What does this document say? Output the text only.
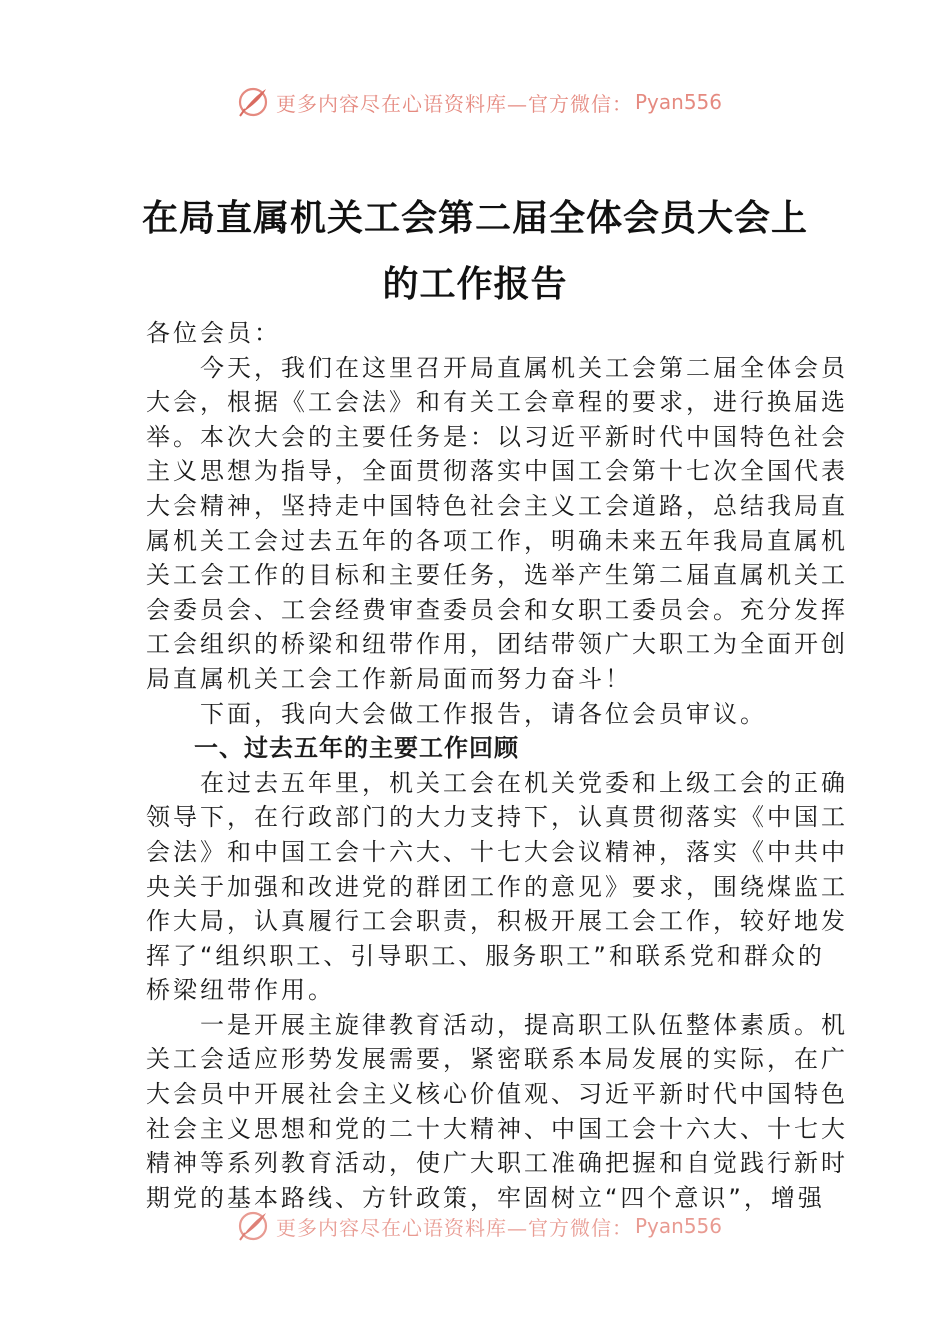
更多内容尽在心语资料库—官方微信： Pyan556
在局直属机关工会第二届全体会员大会上
的工作报告
各位会员：
今天，我们在这里召开局直属机关工会第二届全体会员
大会，根据《工会法》和有关工会章程的要求，进行换届选
举。本次大会的主要任务是：以习近平新时代中国特色社会
主义思想为指导，全面贯彻落实中国工会第十七次全国代表
大会精神，坚持走中国特色社会主义工会道路，总结我局直
属机关工会过去五年的各项工作，明确未来五年我局直属机
关工会工作的目标和主要任务，选举产生第二届直属机关工
会委员会、工会经费审查委员会和女职工委员会。充分发挥
工会组织的桥梁和纽带作用，团结带领广大职工为全面开创
局直属机关工会工作新局面而努力奋斗！
下面，我向大会做工作报告，请各位会员审议。
一、过去五年的主要工作回顾
在过去五年里，机关工会在机关党委和上级工会的正确
领导下，在行政部门的大力支持下，认真贯彻落实《中国工
会法》和中国工会十六大、十七大会议精神，落实《中共中
央关于加强和改进党的群团工作的意见》要求，围绕煤监工
作大局，认真履行工会职责，积极开展工会工作，较好地发
挥了“组织职工、引导职工、服务职工”和联系党和群众的
桥梁纽带作用。
一是开展主旋律教育活动，提高职工队伍整体素质。机
关工会适应形势发展需要，紧密联系本局发展的实际，在广
大会员中开展社会主义核心价值观、习近平新时代中国特色
社会主义思想和党的二十大精神、中国工会十六大、十七大
精神等系列教育活动，使广大职工准确把握和自觉践行新时
期党的基本路线、方针政策，牢固树立“四个意识”，增强
更多内容尽在心语资料库—官方微信： Pyan556
